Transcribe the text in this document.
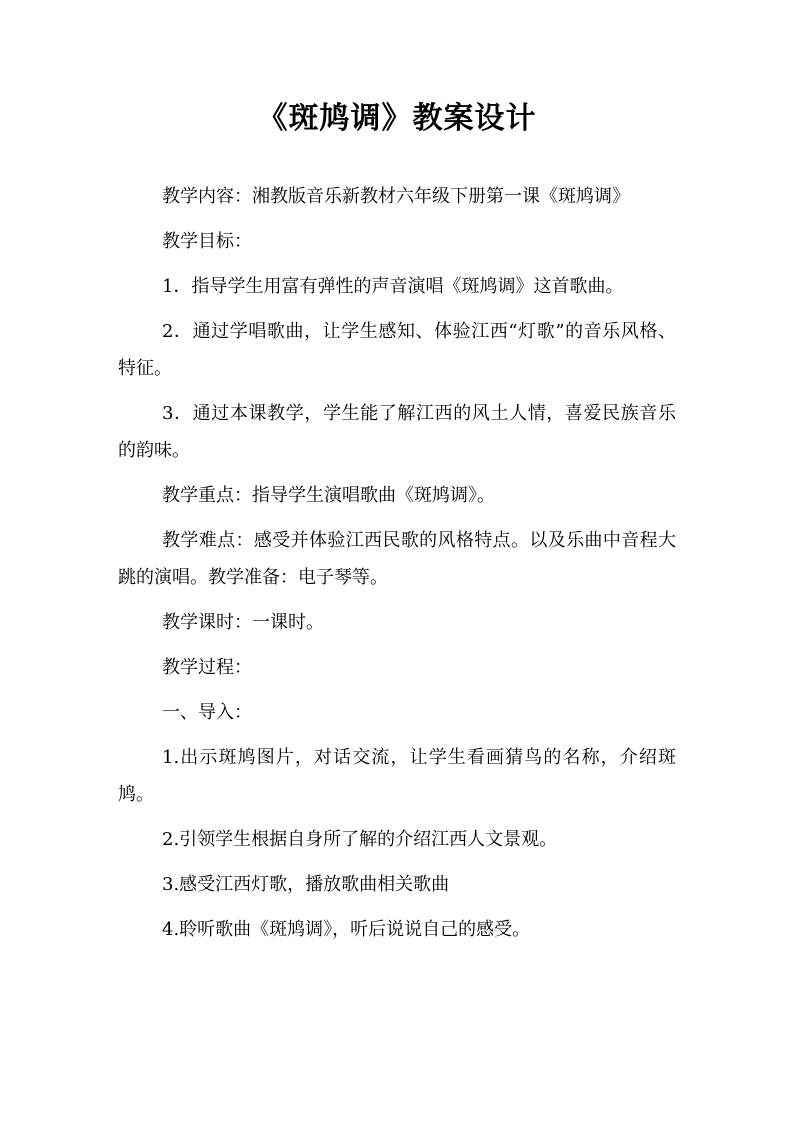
《斑鸠调》教案设计

教学内容：湘教版音乐新教材六年级下册第一课《斑鸠调》

教学目标：

1．指导学生用富有弹性的声音演唱《斑鸠调》这首歌曲。

2．通过学唱歌曲，让学生感知、体验江西“灯歌”的音乐风格、特征。

3．通过本课教学，学生能了解江西的风土人情，喜爱民族音乐的韵味。

教学重点：指导学生演唱歌曲《斑鸠调》。

教学难点：感受并体验江西民歌的风格特点。以及乐曲中音程大跳的演唱。教学准备：电子琴等。

教学课时：一课时。

教学过程：

一、导入：

1.出示斑鸠图片，对话交流，让学生看画猜鸟的名称，介绍斑鸠。

2.引领学生根据自身所了解的介绍江西人文景观。

3.感受江西灯歌，播放歌曲相关歌曲

4.聆听歌曲《斑鸠调》，听后说说自己的感受。
